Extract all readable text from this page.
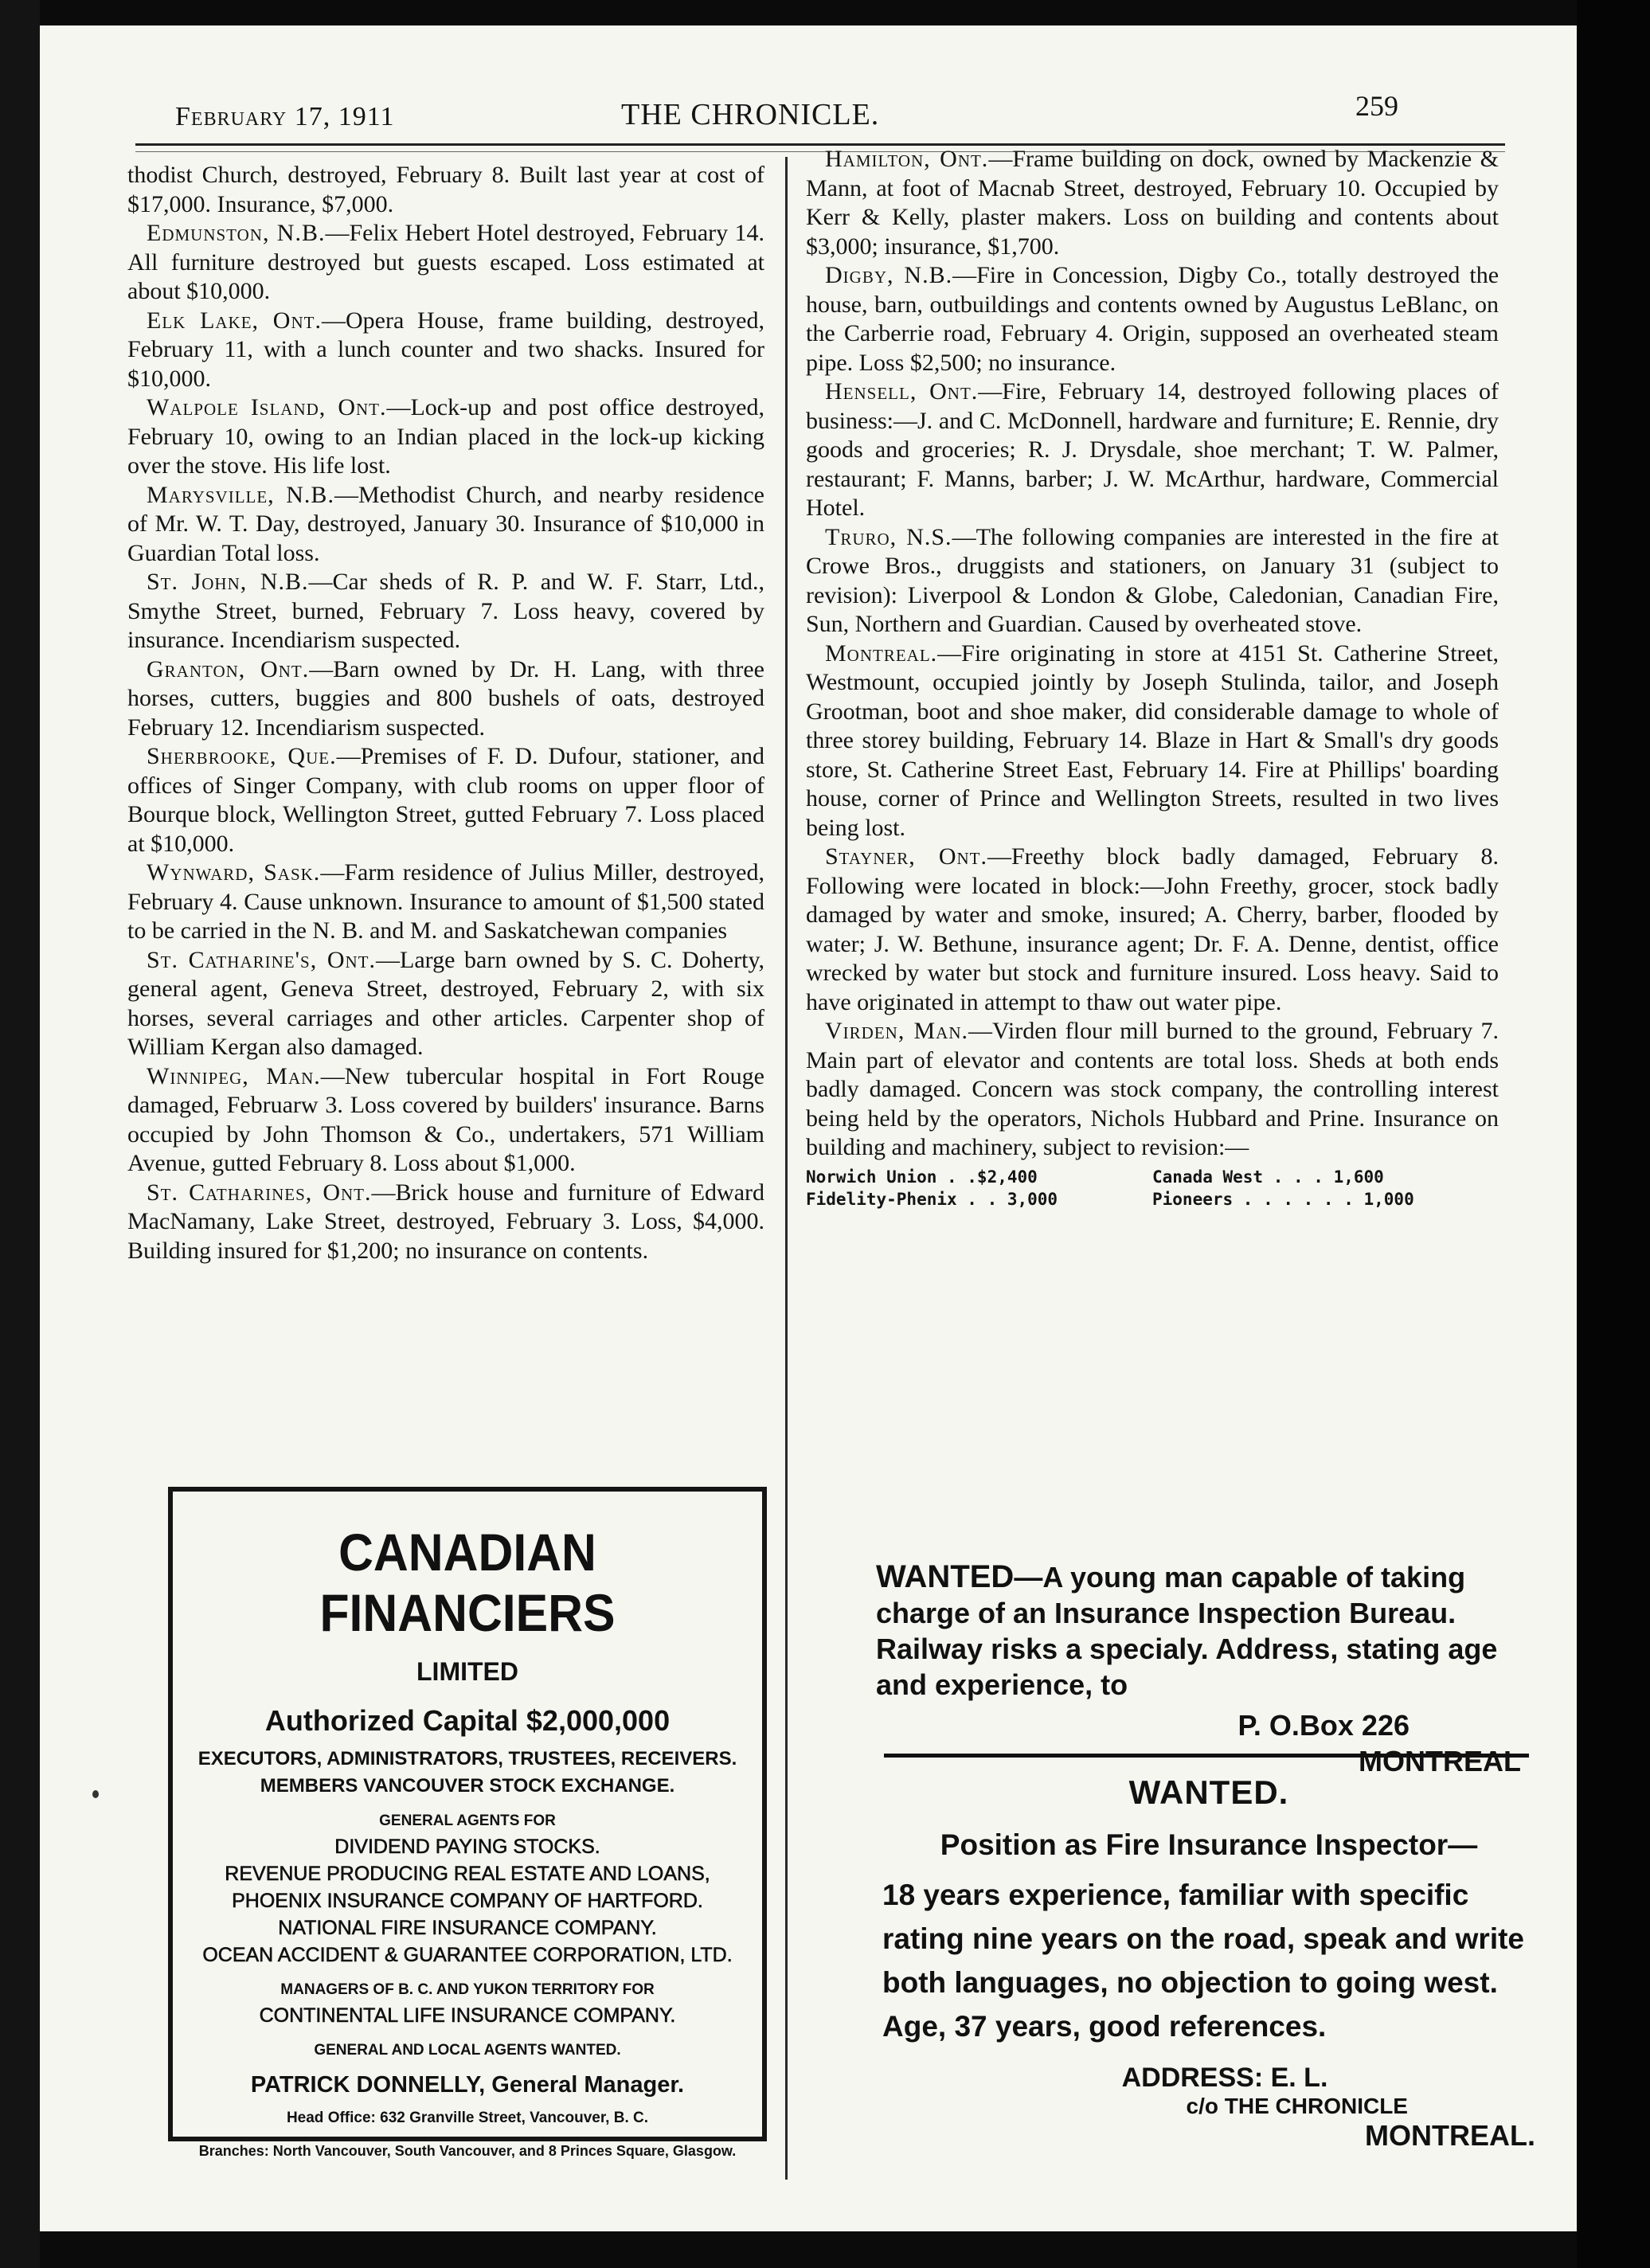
February 17, 1911	THE CHRONICLE.	259

thodist Church, destroyed, February 8. Built last year at cost of $17,000. Insurance, $7,000.

Edmunston, N.B.—Felix Hebert Hotel destroyed, February 14. All furniture destroyed but guests escaped. Loss estimated at about $10,000.

Elk Lake, Ont.—Opera House, frame building, destroyed, February 11, with a lunch counter and two shacks. Insured for $10,000.

Walpole Island, Ont.—Lock-up and post office destroyed, February 10, owing to an Indian placed in the lock-up kicking over the stove. His life lost.

Marysville, N.B.—Methodist Church, and nearby residence of Mr. W. T. Day, destroyed, January 30. Insurance of $10,000 in Guardian Total loss.

St. John, N.B.—Car sheds of R. P. and W. F. Starr, Ltd., Smythe Street, burned, February 7. Loss heavy, covered by insurance. Incendiarism suspected.

Granton, Ont.—Barn owned by Dr. H. Lang, with three horses, cutters, buggies and 800 bushels of oats, destroyed February 12. Incendiarism suspected.

Sherbrooke, Que.—Premises of F. D. Dufour, stationer, and offices of Singer Company, with club rooms on upper floor of Bourque block, Wellington Street, gutted February 7. Loss placed at $10,000.

Wynward, Sask.—Farm residence of Julius Miller, destroyed, February 4. Cause unknown. Insurance to amount of $1,500 stated to be carried in the N. B. and M. and Saskatchewan companies

St. Catharine's, Ont.—Large barn owned by S. C. Doherty, general agent, Geneva Street, destroyed, February 2, with six horses, several carriages and other articles. Carpenter shop of William Kergan also damaged.

Winnipeg, Man.—New tubercular hospital in Fort Rouge damaged, Februarw 3. Loss covered by builders' insurance. Barns occupied by John Thomson & Co., undertakers, 571 William Avenue, gutted February 8. Loss about $1,000.

St. Catharines, Ont.—Brick house and furniture of Edward MacNamany, Lake Street, destroyed, February 3. Loss, $4,000. Building insured for $1,200; no insurance on contents.

Hamilton, Ont.—Frame building on dock, owned by Mackenzie & Mann, at foot of Macnab Street, destroyed, February 10. Occupied by Kerr & Kelly, plaster makers. Loss on building and contents about $3,000; insurance, $1,700.

Digby, N.B.—Fire in Concession, Digby Co., totally destroyed the house, barn, outbuildings and contents owned by Augustus LeBlanc, on the Carberrie road, February 4. Origin, supposed an overheated steam pipe. Loss $2,500; no insurance.

Hensell, Ont.—Fire, February 14, destroyed following places of business:—J. and C. McDonnell, hardware and furniture; E. Rennie, dry goods and groceries; R. J. Drysdale, shoe merchant; T. W. Palmer, restaurant; F. Manns, barber; J. W. McArthur, hardware, Commercial Hotel.

Truro, N.S.—The following companies are interested in the fire at Crowe Bros., druggists and stationers, on January 31 (subject to revision): Liverpool & London & Globe, Caledonian, Canadian Fire, Sun, Northern and Guardian. Caused by overheated stove.

Montreal.—Fire originating in store at 4151 St. Catherine Street, Westmount, occupied jointly by Joseph Stulinda, tailor, and Joseph Grootman, boot and shoe maker, did considerable damage to whole of three storey building, February 14. Blaze in Hart & Small's dry goods store, St. Catherine Street East, February 14. Fire at Phillips' boarding house, corner of Prince and Wellington Streets, resulted in two lives being lost.

Stayner, Ont.—Freethy block badly damaged, February 8. Following were located in block:—John Freethy, grocer, stock badly damaged by water and smoke, insured; A. Cherry, barber, flooded by water; J. W. Bethune, insurance agent; Dr. F. A. Denne, dentist, office wrecked by water but stock and furniture insured. Loss heavy. Said to have originated in attempt to thaw out water pipe.

Virden, Man.—Virden flour mill burned to the ground, February 7. Main part of elevator and contents are total loss. Sheds at both ends badly damaged. Concern was stock company, the controlling interest being held by the operators, Nichols Hubbard and Prine. Insurance on building and machinery, subject to revision:—

Norwich Union . .$2,400	Canada West . . . 1,600
Fidelity-Phenix . . 3,000	Pioneers . . . . . . 1,000
CANADIAN FINANCIERS
LIMITED
Authorized Capital $2,000,000
EXECUTORS, ADMINISTRATORS, TRUSTEES, RECEIVERS.
MEMBERS VANCOUVER STOCK EXCHANGE.
GENERAL AGENTS FOR
DIVIDEND PAYING STOCKS.
REVENUE PRODUCING REAL ESTATE AND LOANS,
PHOENIX INSURANCE COMPANY OF HARTFORD.
NATIONAL FIRE INSURANCE COMPANY.
OCEAN ACCIDENT & GUARANTEE CORPORATION, LTD.
MANAGERS OF B. C. AND YUKON TERRITORY FOR
CONTINENTAL LIFE INSURANCE COMPANY.
GENERAL AND LOCAL AGENTS WANTED.
PATRICK DONNELLY, General Manager.
Head Office: 632 Granville Street, Vancouver, B. C.
Branches: North Vancouver, South Vancouver, and 8 Princes Square, Glasgow.
WANTED—A young man capable of taking charge of an Insurance Inspection Bureau. Railway risks a specialy. Address, stating age and experience, to
P. O.Box 226
MONTREAL
WANTED.
Position as Fire Insurance Inspector—
18 years experience, familiar with specific rating nine years on the road, speak and write both languages, no objection to going west. Age, 37 years, good references.
ADDRESS: E. L.
c/o THE CHRONICLE
MONTREAL.
